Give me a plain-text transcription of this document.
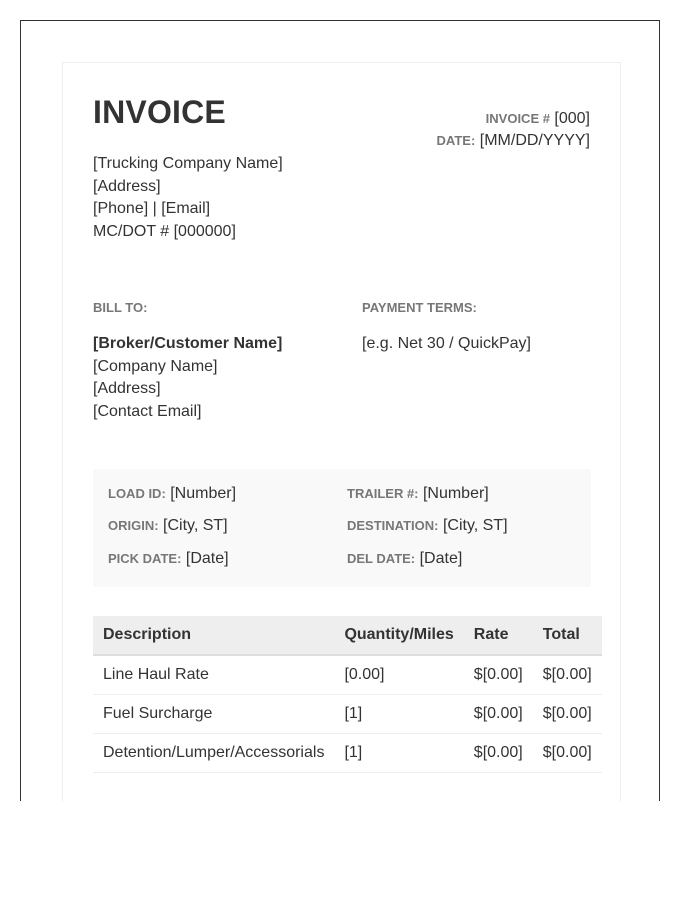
INVOICE	INVOICE # [000]
DATE: [MM/DD/YYYY]
[Trucking Company Name]
[Address]
[Phone] | [Email]
MC/DOT # [000000]
BILL TO:	PAYMENT TERMS:
[Broker/Customer Name]
[Company Name]
[Address]
[Contact Email]
[e.g. Net 30 / QuickPay]
LOAD ID: [Number]	TRAILER #: [Number]
ORIGIN: [City, ST]	DESTINATION: [City, ST]
PICK DATE: [Date]	DEL DATE: [Date]
Description	Quantity/Miles	Rate	Total
Line Haul Rate	[0.00]	$[0.00]	$[0.00]
Fuel Surcharge	[1]	$[0.00]	$[0.00]
Detention/Lumper/Accessorials	[1]	$[0.00]	$[0.00]
